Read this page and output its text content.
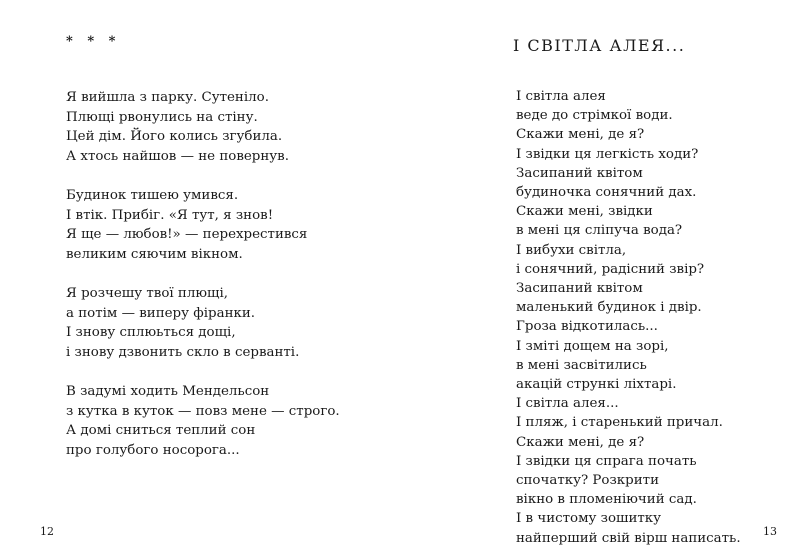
* * *
Я вийшла з парку. Сутеніло.
Плющі рвонулись на стіну.
Цей дім. Його колись згубила.
А хтось найшов — не повернув.
Будинок тишею умився.
І втік. Прибіг. «Я тут, я знов!
Я ще — любов!» — перехрестився
великим сяючим вікном.
Я розчешу твої плющі,
а потім — виперу фіранки.
І знову сплюьться дощі,
і знову дзвонить скло в серванті.
В задумі ходить Мендельсон
з кутка в куток — повз мене — строго.
А домі сниться теплий сон
про голубого носорога...
12
І СВІТЛА АЛЕЯ...
І світла алея
веде до стрімкої води.
Скажи мені, де я?
І звідки ця легкість ходи?
Засипаний квітом
будиночка сонячний дах.
Скажи мені, звідки
в мені ця сліпуча вода?
І вибухи світла,
і сонячний, радісний звір?
Засипаний квітом
маленький будинок і двір.
Гроза відкотилась...
І зміті дощем на зорі,
в мені засвітились
акацій стрункі ліхтарі.
І світла алея...
І пляж, і старенький причал.
Скажи мені, де я?
І звідки ця спрага почать
спочатку? Розкрити
вікно в пломеніючий сад.
І в чистому зошитку
найперший свій вірш написать. 13
